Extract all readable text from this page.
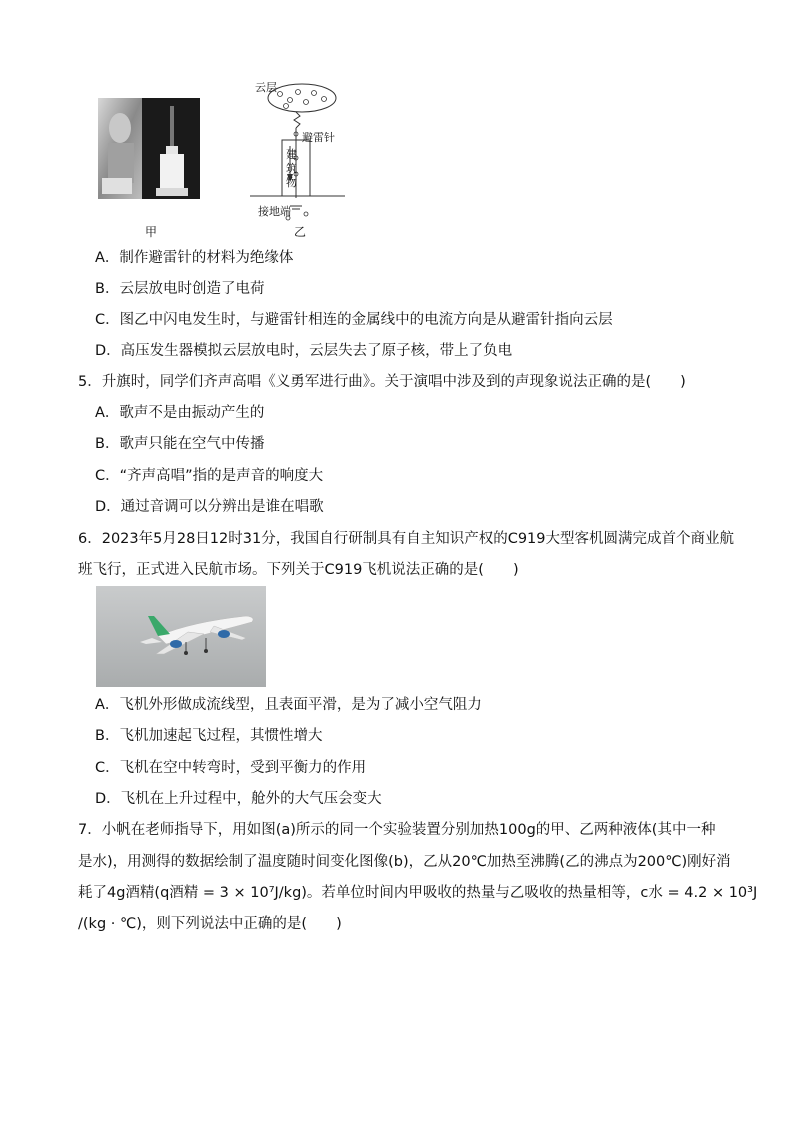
甲
云层
避雷针
建筑物
接地端
乙
A．制作避雷针的材料为绝缘体
B．云层放电时创造了电荷
C．图乙中闪电发生时，与避雷针相连的金属线中的电流方向是从避雷针指向云层
D．高压发生器模拟云层放电时，云层失去了原子核，带上了负电
5．升旗时，同学们齐声高唱《义勇军进行曲》。关于演唱中涉及到的声现象说法正确的是(　　)
A．歌声不是由振动产生的
B．歌声只能在空气中传播
C．“齐声高唱”指的是声音的响度大
D．通过音调可以分辨出是谁在唱歌
6．2023年5月28日12时31分，我国自行研制具有自主知识产权的C919大型客机圆满完成首个商业航
班飞行，正式进入民航市场。下列关于C919飞机说法正确的是(　　)
A．飞机外形做成流线型，且表面平滑，是为了减小空气阻力
B．飞机加速起飞过程，其惯性增大
C．飞机在空中转弯时，受到平衡力的作用
D．飞机在上升过程中，舱外的大气压会变大
7．小帆在老师指导下，用如图(a)所示的同一个实验装置分别加热100g的甲、乙两种液体(其中一种
是水)，用测得的数据绘制了温度随时间变化图像(b)，乙从20℃加热至沸腾(乙的沸点为200℃)刚好消
耗了4g酒精(q酒精 = 3 × 10⁷J/kg)。若单位时间内甲吸收的热量与乙吸收的热量相等，c水 = 4.2 × 10³J
/(kg · ℃)，则下列说法中正确的是(　　)
